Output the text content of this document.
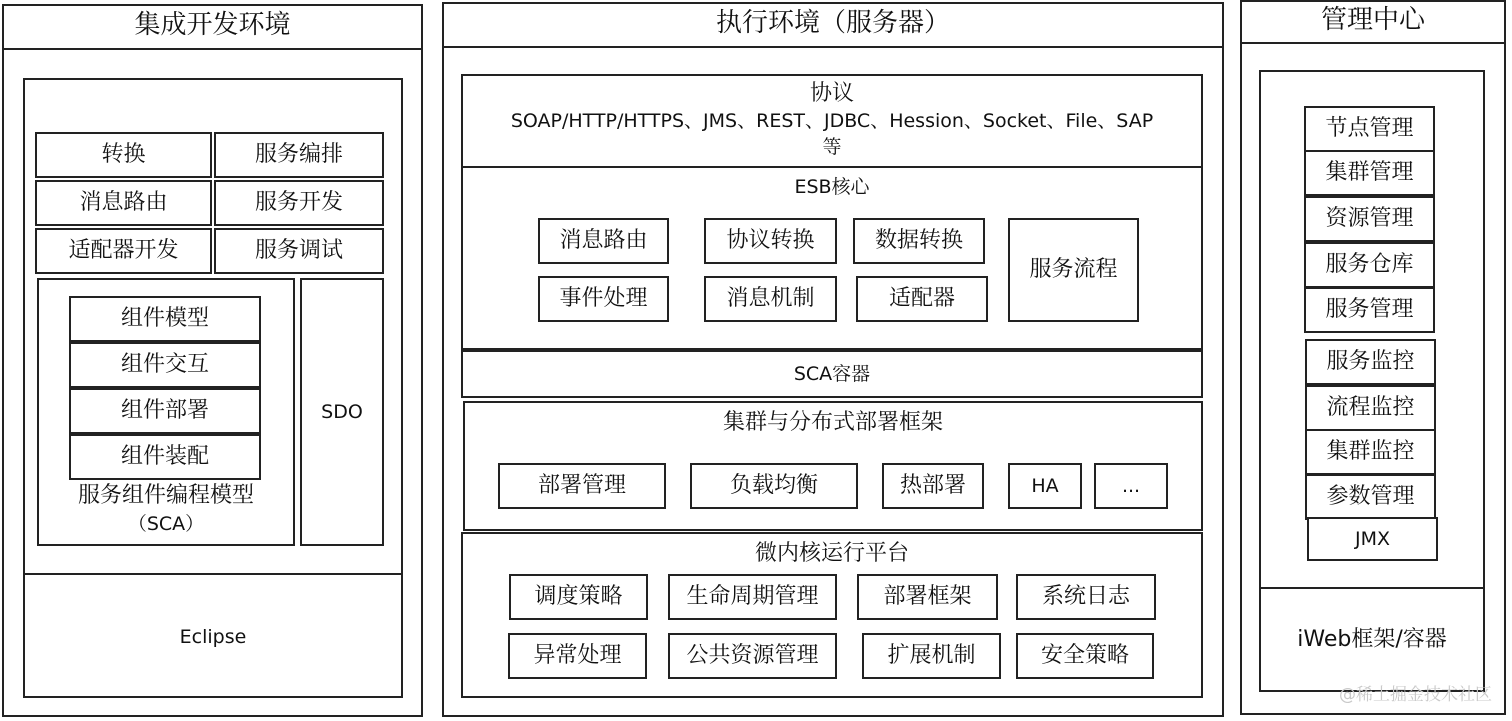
集成开发环境
转换	服务编排
消息路由	服务开发
适配器开发	服务调试
组件模型
组件交互
组件部署
组件装配
服务组件编程模型
（SCA）
SDO
Eclipse
执行环境（服务器）
协议
SOAP/HTTP/HTTPS、JMS、REST、JDBC、Hession、Socket、File、SAP
等
ESB核心
消息路由	协议转换	数据转换
事件处理	消息机制	适配器
服务流程
SCA容器
集群与分布式部署框架
部署管理	负载均衡	热部署	HA	...
微内核运行平台
调度策略	生命周期管理	部署框架	系统日志
异常处理	公共资源管理	扩展机制	安全策略
管理中心
节点管理
集群管理
资源管理
服务仓库
服务管理
服务监控
流程监控
集群监控
参数管理
JMX
iWeb框架/容器
@稀土掘金技术社区
